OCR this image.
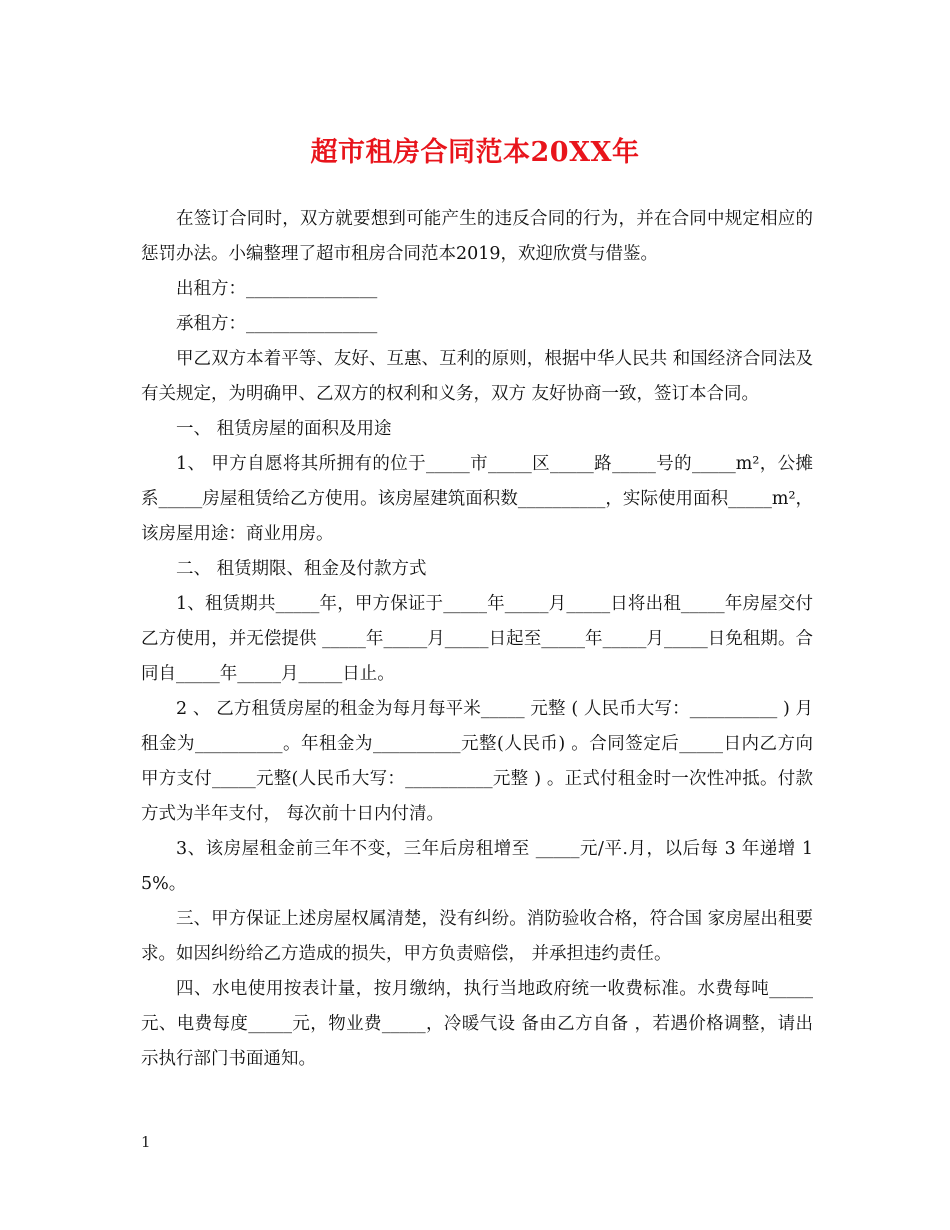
超市租房合同范本20XX年

在签订合同时，双方就要想到可能产生的违反合同的行为，并在合同中规定相应的惩罚办法。小编整理了超市租房合同范本2019，欢迎欣赏与借鉴。

出租方：_______________

承租方：_______________

甲乙双方本着平等、友好、互惠、互利的原则，根据中华人民共 和国经济合同法及有关规定，为明确甲、乙双方的权利和义务，双方 友好协商一致，签订本合同。

一、 租赁房屋的面积及用途

1、 甲方自愿将其所拥有的位于_____市_____区_____路_____号的_____m²，公摊系_____房屋租赁给乙方使用。该房屋建筑面积数__________，实际使用面积_____m²，该房屋用途：商业用房。

二、 租赁期限、租金及付款方式

1、租赁期共_____年，甲方保证于_____年_____月_____日将出租_____年房屋交付乙方使用，并无偿提供 _____年_____月_____日起至_____年_____月_____日免租期。合同自_____年_____月_____日止。

2 、 乙方租赁房屋的租金为每月每平米_____ 元整 ( 人民币大写：__________ ) 月租金为__________。年租金为__________元整(人民币) 。合同签定后_____日内乙方向甲方支付_____元整(人民币大写：__________元整 ) 。正式付租金时一次性冲抵。付款方式为半年支付， 每次前十日内付清。

3、该房屋租金前三年不变，三年后房租增至 _____元/平.月，以后每 3 年递增 15%。

三、甲方保证上述房屋权属清楚，没有纠纷。消防验收合格，符合国 家房屋出租要求。如因纠纷给乙方造成的损失，甲方负责赔偿， 并承担违约责任。

四、水电使用按表计量，按月缴纳，执行当地政府统一收费标准。水费每吨_____元、电费每度_____元，物业费_____，冷暖气设 备由乙方自备 ，若遇价格调整，请出示执行部门书面通知。

1
